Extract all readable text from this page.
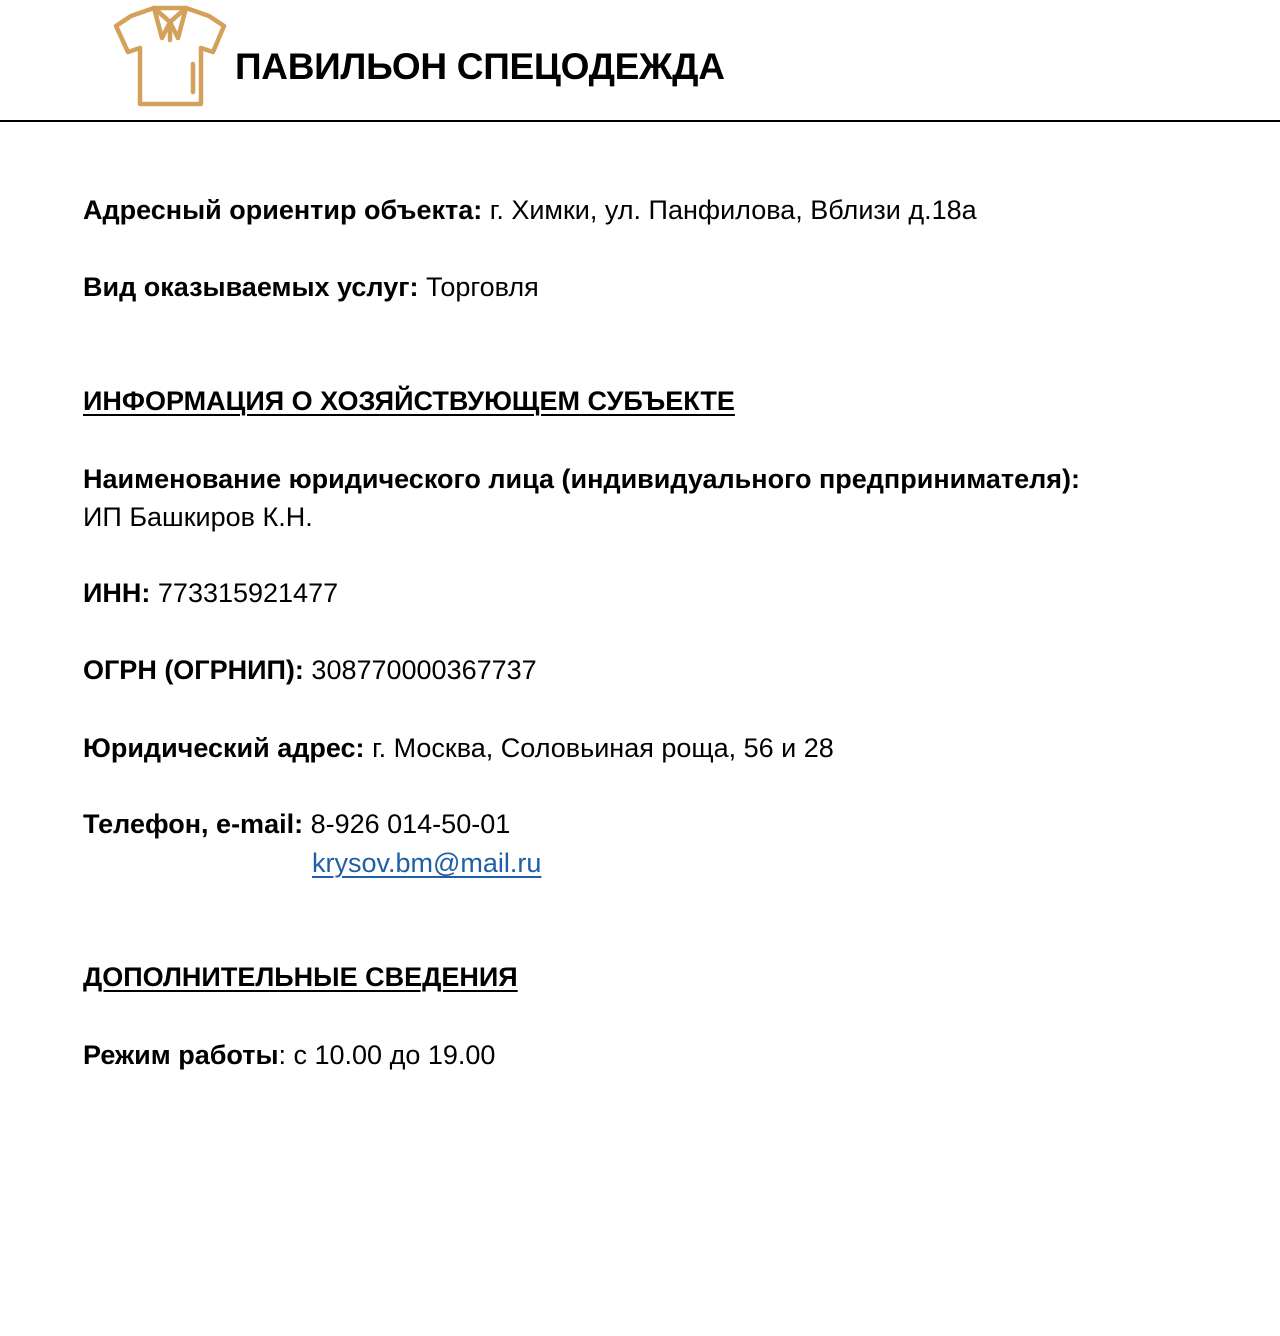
ПАВИЛЬОН СПЕЦОДЕЖДА
Адресный ориентир объекта: г. Химки, ул. Панфилова, Вблизи д.18а
Вид оказываемых услуг: Торговля
ИНФОРМАЦИЯ О ХОЗЯЙСТВУЮЩЕМ СУБЪЕКТЕ
Наименование юридического лица (индивидуального предпринимателя):
ИП Башкиров К.Н.
ИНН: 773315921477
ОГРН (ОГРНИП): 308770000367737
Юридический адрес: г. Москва, Соловьиная роща, 56 и 28
Телефон, e-mail: 8-926 014-50-01
krysov.bm@mail.ru
ДОПОЛНИТЕЛЬНЫЕ СВЕДЕНИЯ
Режим работы: с 10.00 до 19.00
